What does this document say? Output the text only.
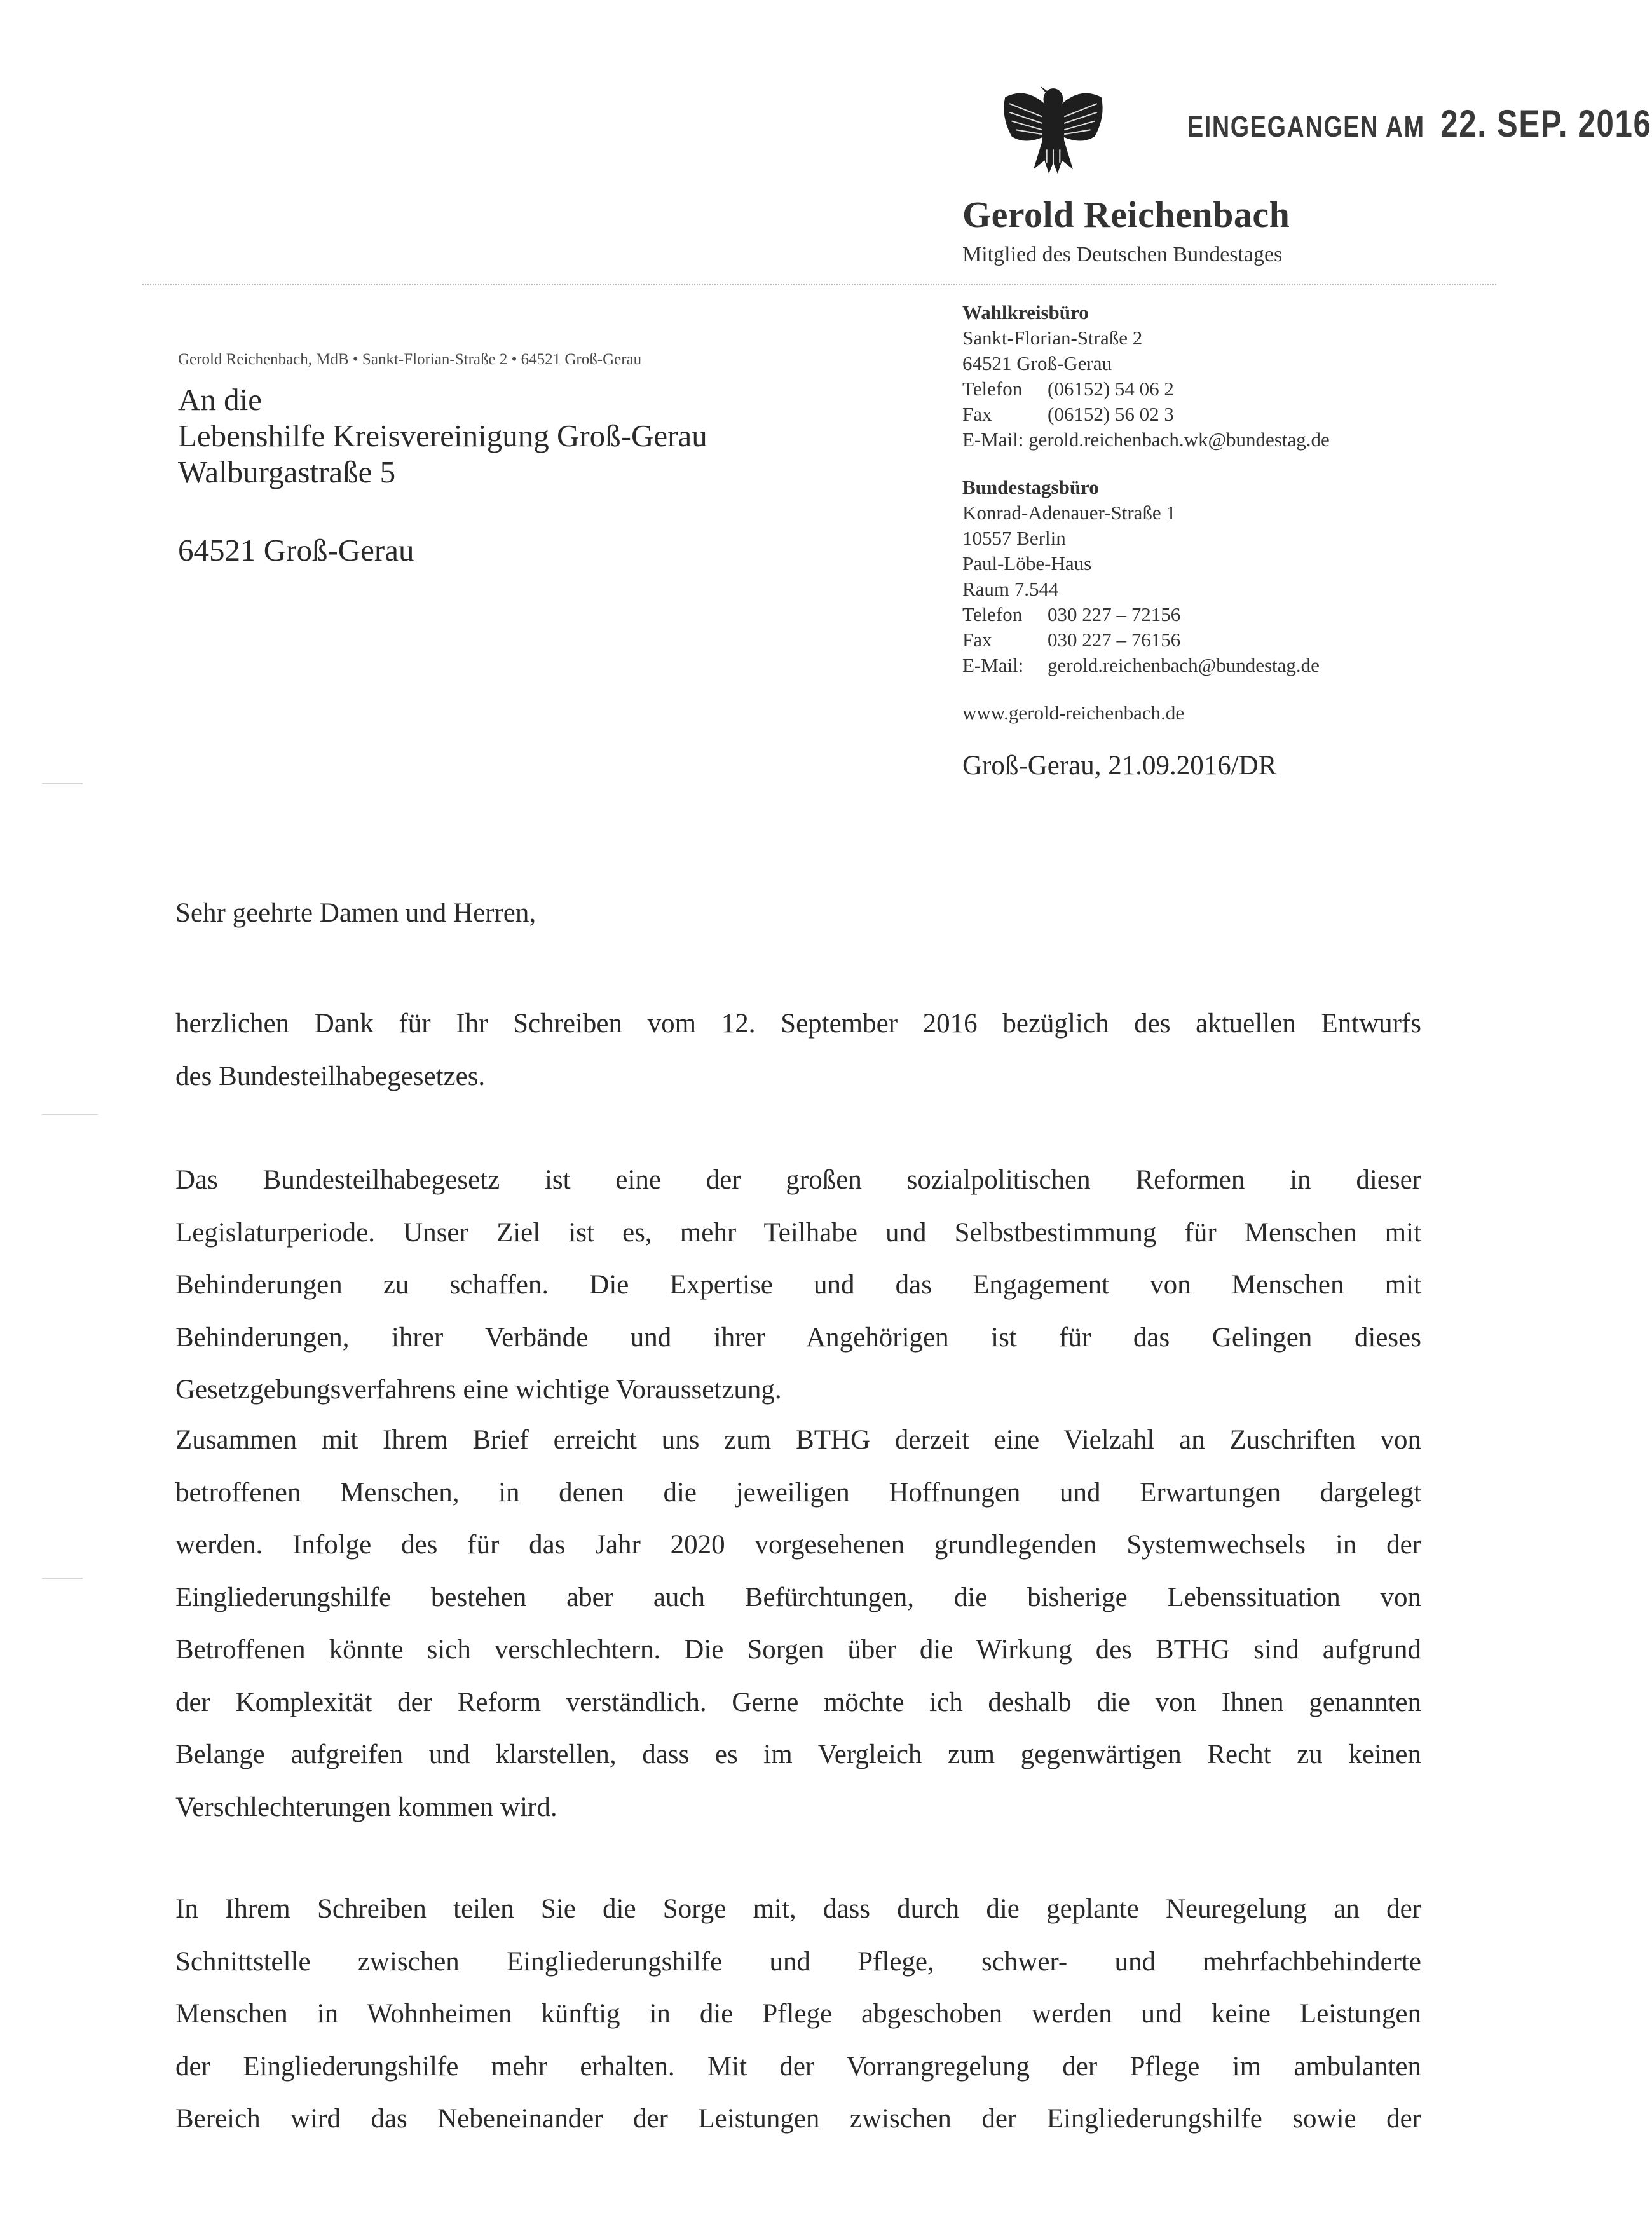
EINGEGANGEN AM 22. SEP. 2016
Gerold Reichenbach
Mitglied des Deutschen Bundestages
Gerold Reichenbach, MdB • Sankt-Florian-Straße 2 • 64521 Groß-Gerau
An die
Lebenshilfe Kreisvereinigung Groß-Gerau
Walburgastraße 5
64521 Groß-Gerau
Wahlkreisbüro
Sankt-Florian-Straße 2
64521 Groß-Gerau
Telefon (06152) 54 06 2
Fax	(06152) 56 02 3
E-Mail: gerold.reichenbach.wk@bundestag.de
Bundestagsbüro
Konrad-Adenauer-Straße 1
10557 Berlin
Paul-Löbe-Haus
Raum 7.544
Telefon 030 227 – 72156
Fax	030 227 – 76156
E-Mail: gerold.reichenbach@bundestag.de
www.gerold-reichenbach.de
Groß-Gerau, 21.09.2016/DR
Sehr geehrte Damen und Herren,
herzlichen Dank für Ihr Schreiben vom 12. September 2016 bezüglich des aktuellen Entwurfs
des Bundesteilhabegesetzes.
Das Bundesteilhabegesetz ist eine der großen sozialpolitischen Reformen in dieser
Legislaturperiode. Unser Ziel ist es, mehr Teilhabe und Selbstbestimmung für Menschen mit
Behinderungen zu schaffen. Die Expertise und das Engagement von Menschen mit
Behinderungen, ihrer Verbände und ihrer Angehörigen ist für das Gelingen dieses
Gesetzgebungsverfahrens eine wichtige Voraussetzung.
Zusammen mit Ihrem Brief erreicht uns zum BTHG derzeit eine Vielzahl an Zuschriften von
betroffenen Menschen, in denen die jeweiligen Hoffnungen und Erwartungen dargelegt
werden. Infolge des für das Jahr 2020 vorgesehenen grundlegenden Systemwechsels in der
Eingliederungshilfe bestehen aber auch Befürchtungen, die bisherige Lebenssituation von
Betroffenen könnte sich verschlechtern. Die Sorgen über die Wirkung des BTHG sind aufgrund
der Komplexität der Reform verständlich. Gerne möchte ich deshalb die von Ihnen genannten
Belange aufgreifen und klarstellen, dass es im Vergleich zum gegenwärtigen Recht zu keinen
Verschlechterungen kommen wird.
In Ihrem Schreiben teilen Sie die Sorge mit, dass durch die geplante Neuregelung an der
Schnittstelle zwischen Eingliederungshilfe und Pflege, schwer- und mehrfachbehinderte
Menschen in Wohnheimen künftig in die Pflege abgeschoben werden und keine Leistungen
der Eingliederungshilfe mehr erhalten. Mit der Vorrangregelung der Pflege im ambulanten
Bereich wird das Nebeneinander der Leistungen zwischen der Eingliederungshilfe sowie der
